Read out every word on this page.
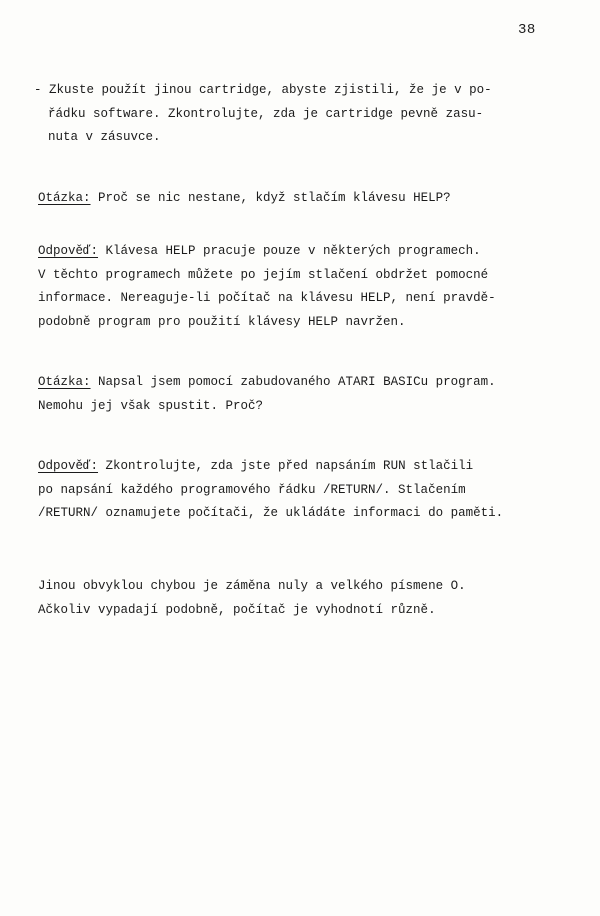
38
- Zkuste použít jinou cartridge, abyste zjistili, že je v po-
řádku software. Zkontrolujte, zda je cartridge pevně zasu-
nuta v zásuvce.
Otázka: Proč se nic nestane, když stlačím klávesu HELP?
Odpověď: Klávesa HELP pracuje pouze v některých programech.
V těchto programech můžete po jejím stlačení obdržet pomocné
informace. Nereaguje-li počítač na klávesu HELP, není pravdě-
podobně program pro použití klávesy HELP navržen.
Otázka: Napsal jsem pomocí zabudovaného ATARI BASICu program.
Nemohu jej však spustit. Proč?
Odpověď: Zkontrolujte, zda jste před napsáním RUN stlačili
po napsání každého programového řádku /RETURN/. Stlačením
/RETURN/ oznamujete počítači, že ukládáte informaci do paměti.
Jinou obvyklou chybou je záměna nuly a velkého písmene O.
Ačkoliv vypadají podobně, počítač je vyhodnotí různě.
